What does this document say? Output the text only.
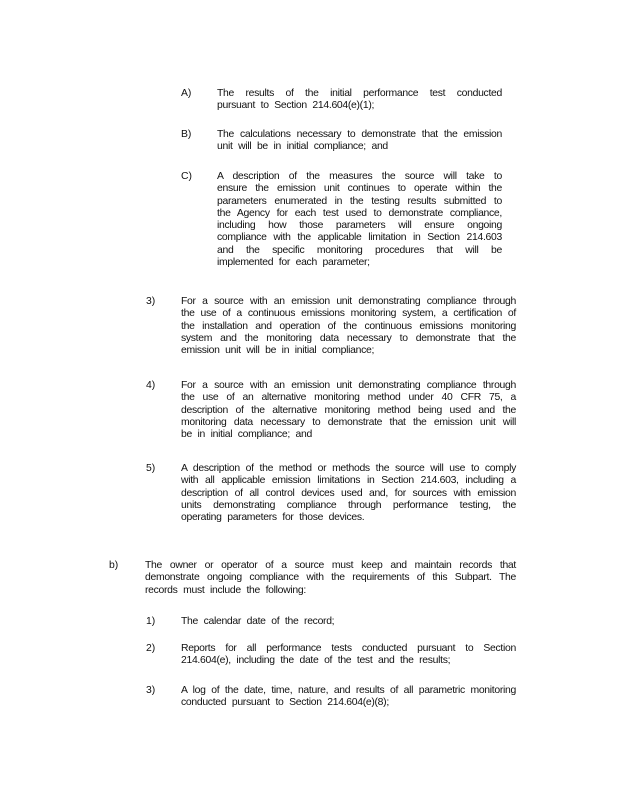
A) The results of the initial performance test conducted pursuant to Section 214.604(e)(1);
B) The calculations necessary to demonstrate that the emission unit will be in initial compliance; and
C) A description of the measures the source will take to ensure the emission unit continues to operate within the parameters enumerated in the testing results submitted to the Agency for each test used to demonstrate compliance, including how those parameters will ensure ongoing compliance with the applicable limitation in Section 214.603 and the specific monitoring procedures that will be implemented for each parameter;
3) For a source with an emission unit demonstrating compliance through the use of a continuous emissions monitoring system, a certification of the installation and operation of the continuous emissions monitoring system and the monitoring data necessary to demonstrate that the emission unit will be in initial compliance;
4) For a source with an emission unit demonstrating compliance through the use of an alternative monitoring method under 40 CFR 75, a description of the alternative monitoring method being used and the monitoring data necessary to demonstrate that the emission unit will be in initial compliance; and
5) A description of the method or methods the source will use to comply with all applicable emission limitations in Section 214.603, including a description of all control devices used and, for sources with emission units demonstrating compliance through performance testing, the operating parameters for those devices.
b)	The owner or operator of a source must keep and maintain records that demonstrate ongoing compliance with the requirements of this Subpart. The records must include the following:
1) The calendar date of the record;
2) Reports for all performance tests conducted pursuant to Section 214.604(e), including the date of the test and the results;
3) A log of the date, time, nature, and results of all parametric monitoring conducted pursuant to Section 214.604(e)(8);
